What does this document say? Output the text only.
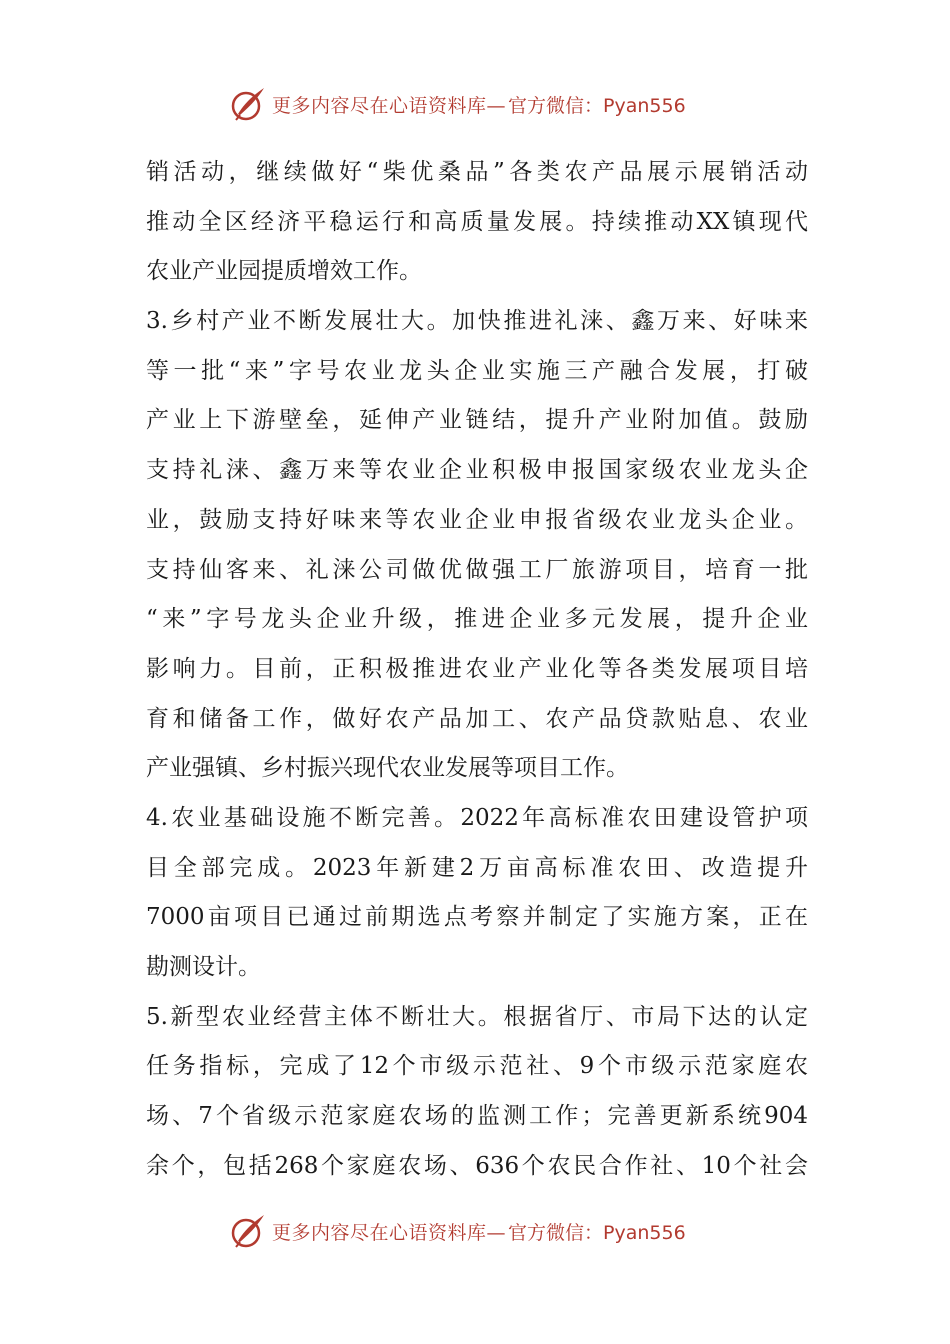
更多内容尽在心语资料库— 官方微信：Pyan556
销活动，继续做好“柴优桑品”各类农产品展示展销活动
推动全区经济平稳运行和高质量发展。持续推动XX镇现代
农业产业园提质增效工作。
3.乡村产业不断发展壮大。加快推进礼涞、鑫万来、好味来
等一批“来”字号农业龙头企业实施三产融合发展，打破
产业上下游壁垒，延伸产业链结，提升产业附加值。鼓励
支持礼涞、鑫万来等农业企业积极申报国家级农业龙头企
业，鼓励支持好味来等农业企业申报省级农业龙头企业。
支持仙客来、礼涞公司做优做强工厂旅游项目，培育一批
“来”字号龙头企业升级，推进企业多元发展，提升企业
影响力。目前，正积极推进农业产业化等各类发展项目培
育和储备工作，做好农产品加工、农产品贷款贴息、农业
产业强镇、乡村振兴现代农业发展等项目工作。
4.农业基础设施不断完善。2022年高标准农田建设管护项
目全部完成。2023年新建2万亩高标准农田、改造提升
7000亩项目已通过前期选点考察并制定了实施方案，正在
勘测设计。
5.新型农业经营主体不断壮大。根据省厅、市局下达的认定
任务指标，完成了12个市级示范社、9个市级示范家庭农
场、7个省级示范家庭农场的监测工作；完善更新系统904
余个，包括268个家庭农场、636个农民合作社、10个社会
更多内容尽在心语资料库— 官方微信：Pyan556
